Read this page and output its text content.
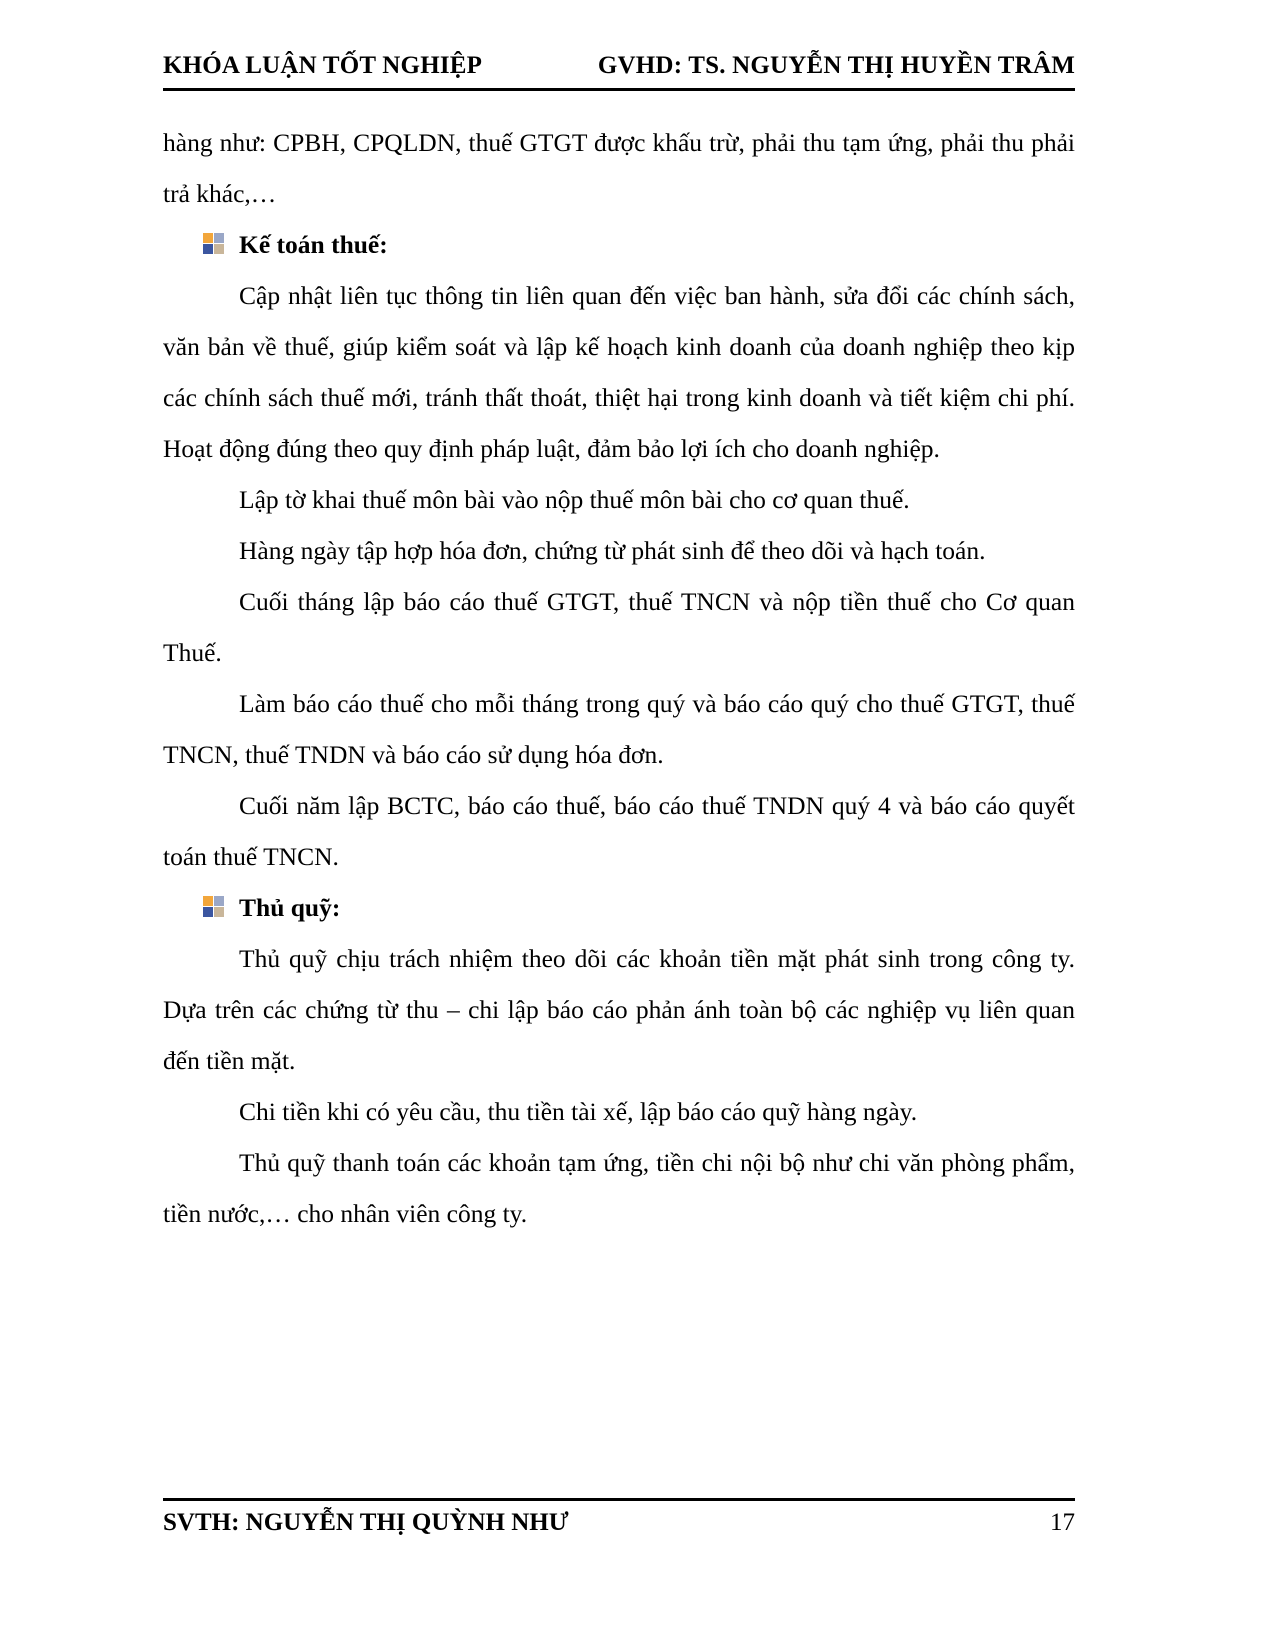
KHÓA LUẬN TỐT NGHIỆP	GVHD: TS. NGUYỄN THỊ HUYỀN TRÂM

hàng như: CPBH, CPQLDN, thuế GTGT được khấu trừ, phải thu tạm ứng, phải thu phải trả khác,…

Kế toán thuế:

Cập nhật liên tục thông tin liên quan đến việc ban hành, sửa đổi các chính sách, văn bản về thuế, giúp kiểm soát và lập kế hoạch kinh doanh của doanh nghiệp theo kịp các chính sách thuế mới, tránh thất thoát, thiệt hại trong kinh doanh và tiết kiệm chi phí. Hoạt động đúng theo quy định pháp luật, đảm bảo lợi ích cho doanh nghiệp.

Lập tờ khai thuế môn bài vào nộp thuế môn bài cho cơ quan thuế.

Hàng ngày tập hợp hóa đơn, chứng từ phát sinh để theo dõi và hạch toán.

Cuối tháng lập báo cáo thuế GTGT, thuế TNCN và nộp tiền thuế cho Cơ quan Thuế.

Làm báo cáo thuế cho mỗi tháng trong quý và báo cáo quý cho thuế GTGT, thuế TNCN, thuế TNDN và báo cáo sử dụng hóa đơn.

Cuối năm lập BCTC, báo cáo thuế, báo cáo thuế TNDN quý 4 và báo cáo quyết toán thuế TNCN.

Thủ quỹ:

Thủ quỹ chịu trách nhiệm theo dõi các khoản tiền mặt phát sinh trong công ty. Dựa trên các chứng từ thu – chi lập báo cáo phản ánh toàn bộ các nghiệp vụ liên quan đến tiền mặt.

Chi tiền khi có yêu cầu, thu tiền tài xế, lập báo cáo quỹ hàng ngày.

Thủ quỹ thanh toán các khoản tạm ứng, tiền chi nội bộ như chi văn phòng phẩm, tiền nước,… cho nhân viên công ty.

SVTH: NGUYỄN THỊ QUỲNH NHƯ	17
